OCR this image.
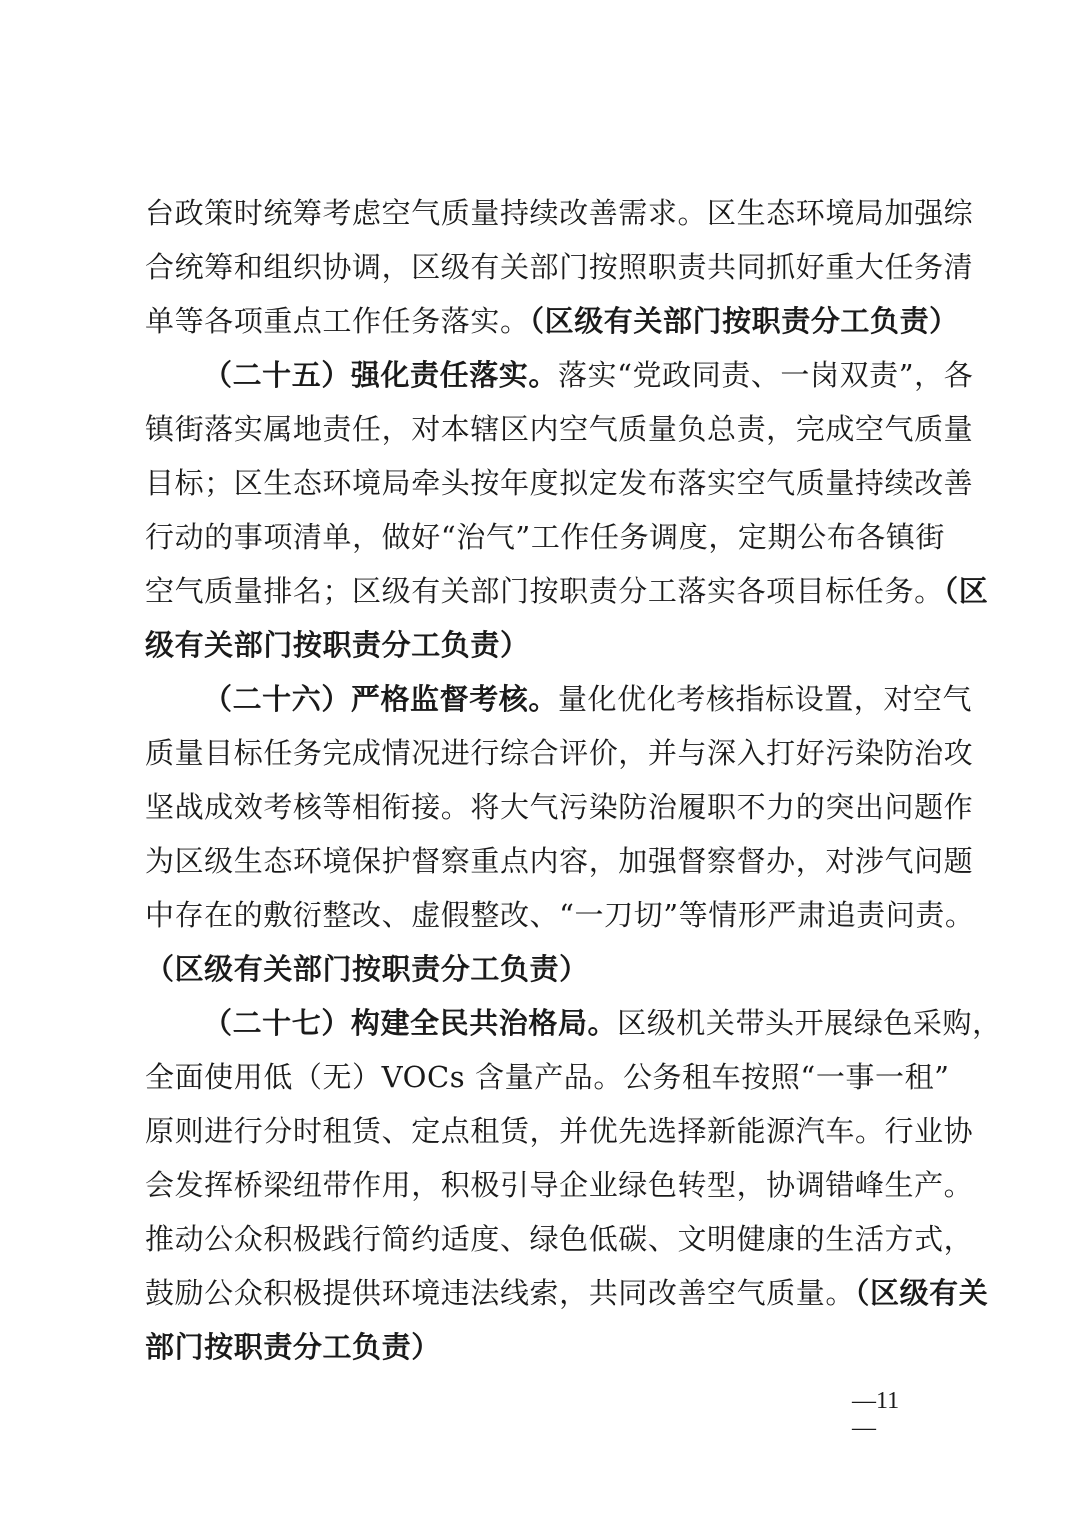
台政策时统筹考虑空气质量持续改善需求。区生态环境局加强综
合统筹和组织协调，区级有关部门按照职责共同抓好重大任务清
单等各项重点工作任务落实。（区级有关部门按职责分工负责）
（二十五）强化责任落实。落实“党政同责、一岗双责”，各
镇街落实属地责任，对本辖区内空气质量负总责，完成空气质量
目标；区生态环境局牵头按年度拟定发布落实空气质量持续改善
行动的事项清单，做好“治气”工作任务调度，定期公布各镇街
空气质量排名；区级有关部门按职责分工落实各项目标任务。（区
级有关部门按职责分工负责）
（二十六）严格监督考核。量化优化考核指标设置，对空气
质量目标任务完成情况进行综合评价，并与深入打好污染防治攻
坚战成效考核等相衔接。将大气污染防治履职不力的突出问题作
为区级生态环境保护督察重点内容，加强督察督办，对涉气问题
中存在的敷衍整改、虚假整改、“一刀切”等情形严肃追责问责。
（区级有关部门按职责分工负责）
（二十七）构建全民共治格局。区级机关带头开展绿色采购，
全面使用低（无）VOCs 含量产品。公务租车按照“一事一租”
原则进行分时租赁、定点租赁，并优先选择新能源汽车。行业协
会发挥桥梁纽带作用，积极引导企业绿色转型，协调错峰生产。
推动公众积极践行简约适度、绿色低碳、文明健康的生活方式，
鼓励公众积极提供环境违法线索，共同改善空气质量。（区级有关
部门按职责分工负责）
—11—
